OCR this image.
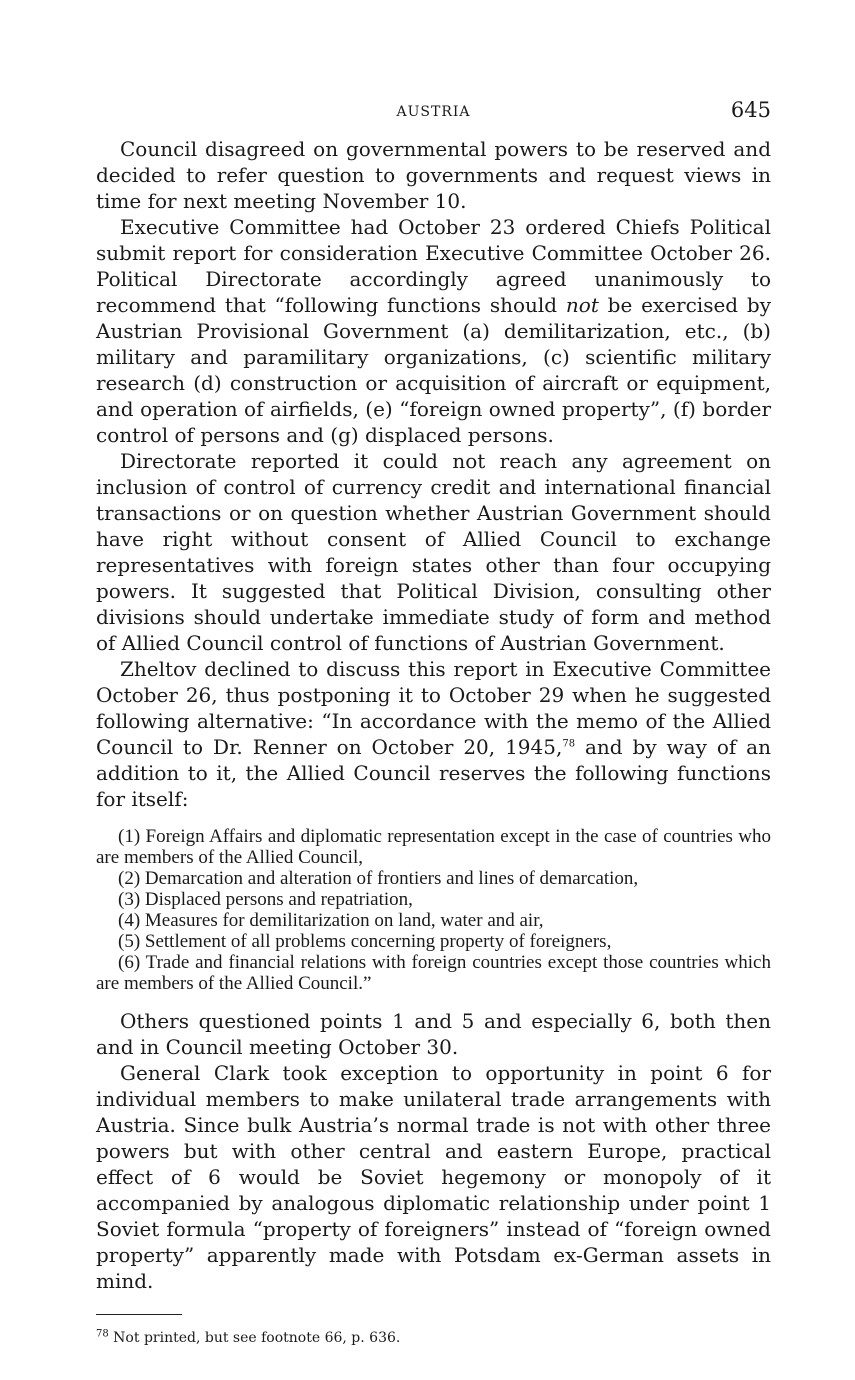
AUSTRIA	645

Council disagreed on governmental powers to be reserved and decided to refer question to governments and request views in time for next meeting November 10.

Executive Committee had October 23 ordered Chiefs Political submit report for consideration Executive Committee October 26. Political Directorate accordingly agreed unanimously to recommend that “following functions should not be exercised by Austrian Provisional Government (a) demilitarization, etc., (b) military and paramilitary organizations, (c) scientific military research (d) construction or acquisition of aircraft or equipment, and operation of airfields, (e) “foreign owned property”, (f) border control of persons and (g) displaced persons.

Directorate reported it could not reach any agreement on inclusion of control of currency credit and international financial transactions or on question whether Austrian Government should have right without consent of Allied Council to exchange representatives with foreign states other than four occupying powers. It suggested that Political Division, consulting other divisions should undertake immediate study of form and method of Allied Council control of functions of Austrian Government.

Zheltov declined to discuss this report in Executive Committee October 26, thus postponing it to October 29 when he suggested following alternative: “In accordance with the memo of the Allied Council to Dr. Renner on October 20, 1945,78 and by way of an addition to it, the Allied Council reserves the following functions for itself:

(1) Foreign Affairs and diplomatic representation except in the case of countries who are members of the Allied Council,

(2) Demarcation and alteration of frontiers and lines of demarcation,

(3) Displaced persons and repatriation,

(4) Measures for demilitarization on land, water and air,

(5) Settlement of all problems concerning property of foreigners,

(6) Trade and financial relations with foreign countries except those countries which are members of the Allied Council.”

Others questioned points 1 and 5 and especially 6, both then and in Council meeting October 30.

General Clark took exception to opportunity in point 6 for individual members to make unilateral trade arrangements with Austria. Since bulk Austria’s normal trade is not with other three powers but with other central and eastern Europe, practical effect of 6 would be Soviet hegemony or monopoly of it accompanied by analogous diplomatic relationship under point 1 Soviet formula “property of foreigners” instead of “foreign owned property” apparently made with Potsdam ex-German assets in mind.

$^{78}$ Not printed, but see footnote 66, p. 636.
